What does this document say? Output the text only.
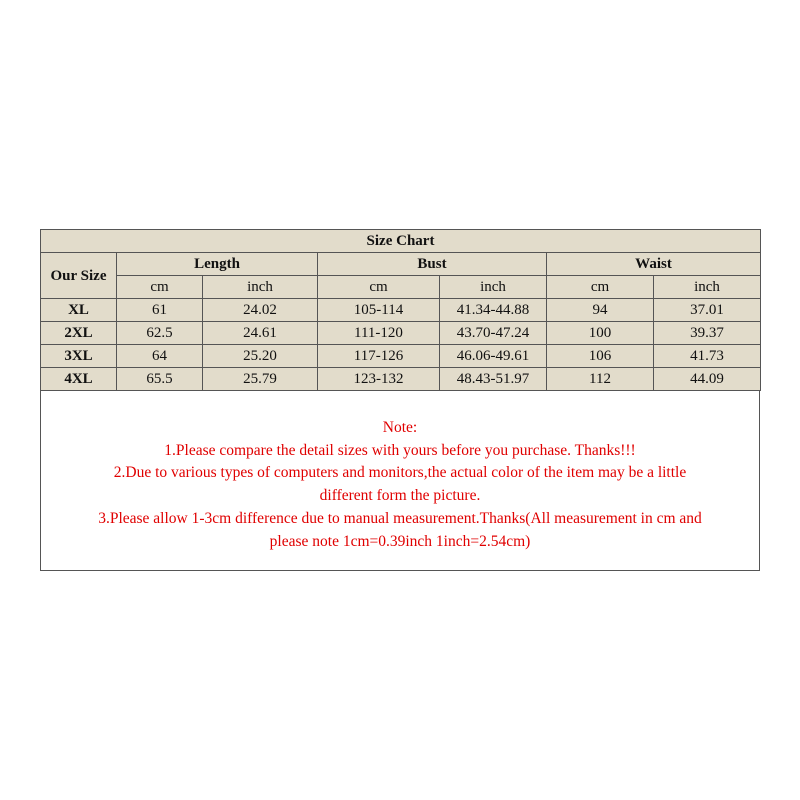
Size Chart						
Our Size	Length		Bust		Waist	
	cm	inch	cm	inch	cm	inch
XL	61	24.02	105-114	41.34-44.88	94	37.01
2XL	62.5	24.61	111-120	43.70-47.24	100	39.37
3XL	64	25.20	117-126	46.06-49.61	106	41.73
4XL	65.5	25.79	123-132	48.43-51.97	112	44.09
Note:
1.Please compare the detail sizes with yours before you purchase. Thanks!!!
2.Due to various types of computers and monitors,the actual color of the item may be a little
different form the picture.
3.Please allow 1-3cm difference due to manual measurement.Thanks(All measurement in cm and
please note 1cm=0.39inch 1inch=2.54cm)
